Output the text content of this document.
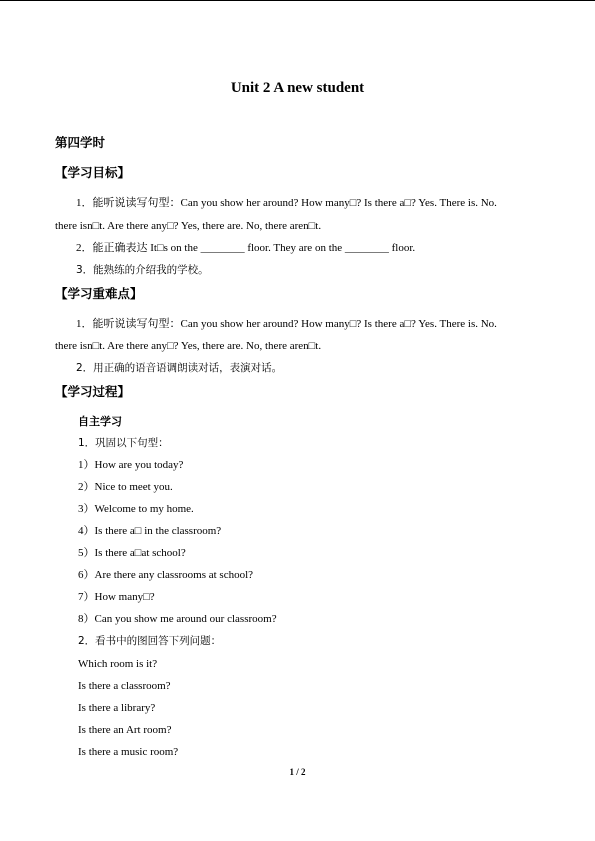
Unit 2 A new student
第四学时
【学习目标】
1．能听说读写句型：Can you show her around? How many□? Is there a□? Yes. There is. No.
there isn□t. Are there any□? Yes, there are. No, there aren□t.
2．能正确表达 It□s on the ________ floor. They are on the ________ floor.
3．能熟练的介绍我的学校。
【学习重难点】
1．能听说读写句型：Can you show her around? How many□? Is there a□? Yes. There is. No.
there isn□t. Are there any□? Yes, there are. No, there aren□t.
2．用正确的语音语调朗读对话，表演对话。
【学习过程】
自主学习
1．巩固以下句型：
1）How are you today?
2）Nice to meet you.
3）Welcome to my home.
4）Is there a□ in the classroom?
5）Is there a□at school?
6）Are there any classrooms at school?
7）How many□?
8）Can you show me around our classroom?
2．看书中的图回答下列问题：
Which room is it?
Is there a classroom?
Is there a library?
Is there an Art room?
Is there a music room?
1 / 2
